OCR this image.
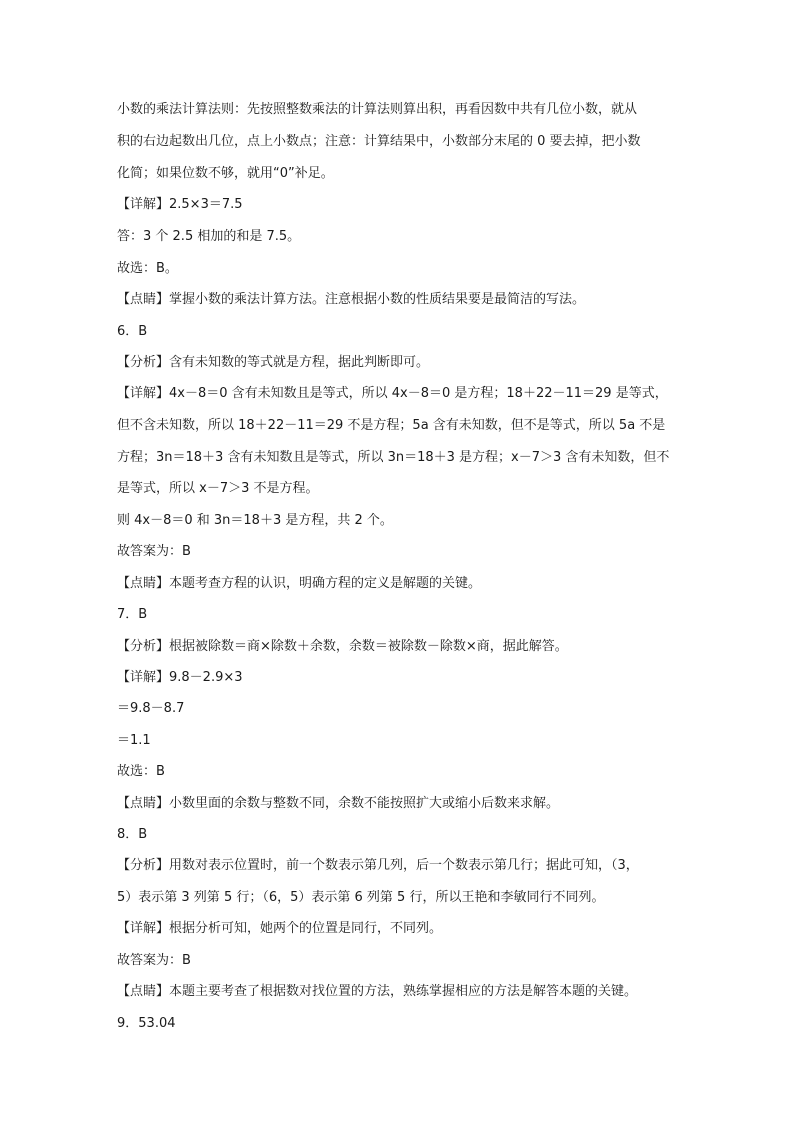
小数的乘法计算法则：先按照整数乘法的计算法则算出积，再看因数中共有几位小数，就从
积的右边起数出几位，点上小数点；注意：计算结果中，小数部分末尾的 0 要去掉，把小数
化简；如果位数不够，就用“0”补足。
【详解】2.5×3＝7.5
答：3 个 2.5 相加的和是 7.5。
故选：B。
【点睛】掌握小数的乘法计算方法。注意根据小数的性质结果要是最简洁的写法。
6．B
【分析】含有未知数的等式就是方程，据此判断即可。
【详解】4x－8＝0 含有未知数且是等式，所以 4x－8＝0 是方程；18＋22－11＝29 是等式，
但不含未知数，所以 18＋22－11＝29 不是方程；5a 含有未知数，但不是等式，所以 5a 不是
方程；3n＝18＋3 含有未知数且是等式，所以 3n＝18＋3 是方程；x－7＞3 含有未知数，但不
是等式，所以 x－7＞3 不是方程。
则 4x－8＝0 和 3n＝18＋3 是方程，共 2 个。
故答案为：B
【点睛】本题考查方程的认识，明确方程的定义是解题的关键。
7．B
【分析】根据被除数＝商×除数＋余数，余数＝被除数－除数×商，据此解答。
【详解】9.8－2.9×3
＝9.8－8.7
＝1.1
故选：B
【点睛】小数里面的余数与整数不同，余数不能按照扩大或缩小后数来求解。
8．B
【分析】用数对表示位置时，前一个数表示第几列，后一个数表示第几行；据此可知，（3，
5）表示第 3 列第 5 行；（6，5）表示第 6 列第 5 行，所以王艳和李敏同行不同列。
【详解】根据分析可知，她两个的位置是同行，不同列。
故答案为：B
【点睛】本题主要考查了根据数对找位置的方法，熟练掌握相应的方法是解答本题的关键。
9．53.04
